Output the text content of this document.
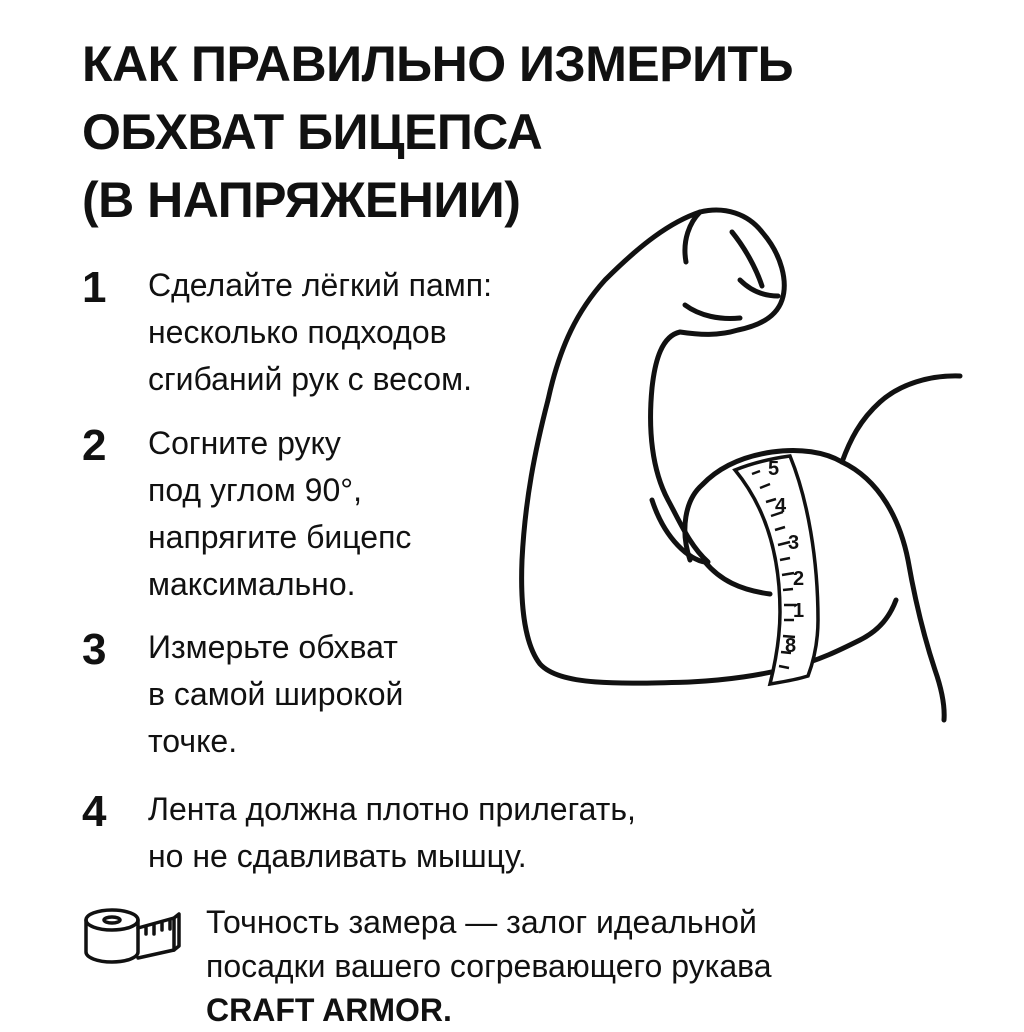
КАК ПРАВИЛЬНО ИЗМЕРИТЬ
ОБХВАТ БИЦЕПСА
(В НАПРЯЖЕНИИ)
1	Сделайте лёгкий памп:
несколько подходов
сгибаний рук с весом.
2	Согните руку
под углом 90°,
напрягите бицепс
максимально.
3	Измерьте обхват
в самой широкой
точке.
4	Лента должна плотно прилегать,
но не сдавливать мышцу.
Точность замера — залог идеальной
посадки вашего согревающего рукава
CRAFT ARMOR.
5
4
3
2
1
8
